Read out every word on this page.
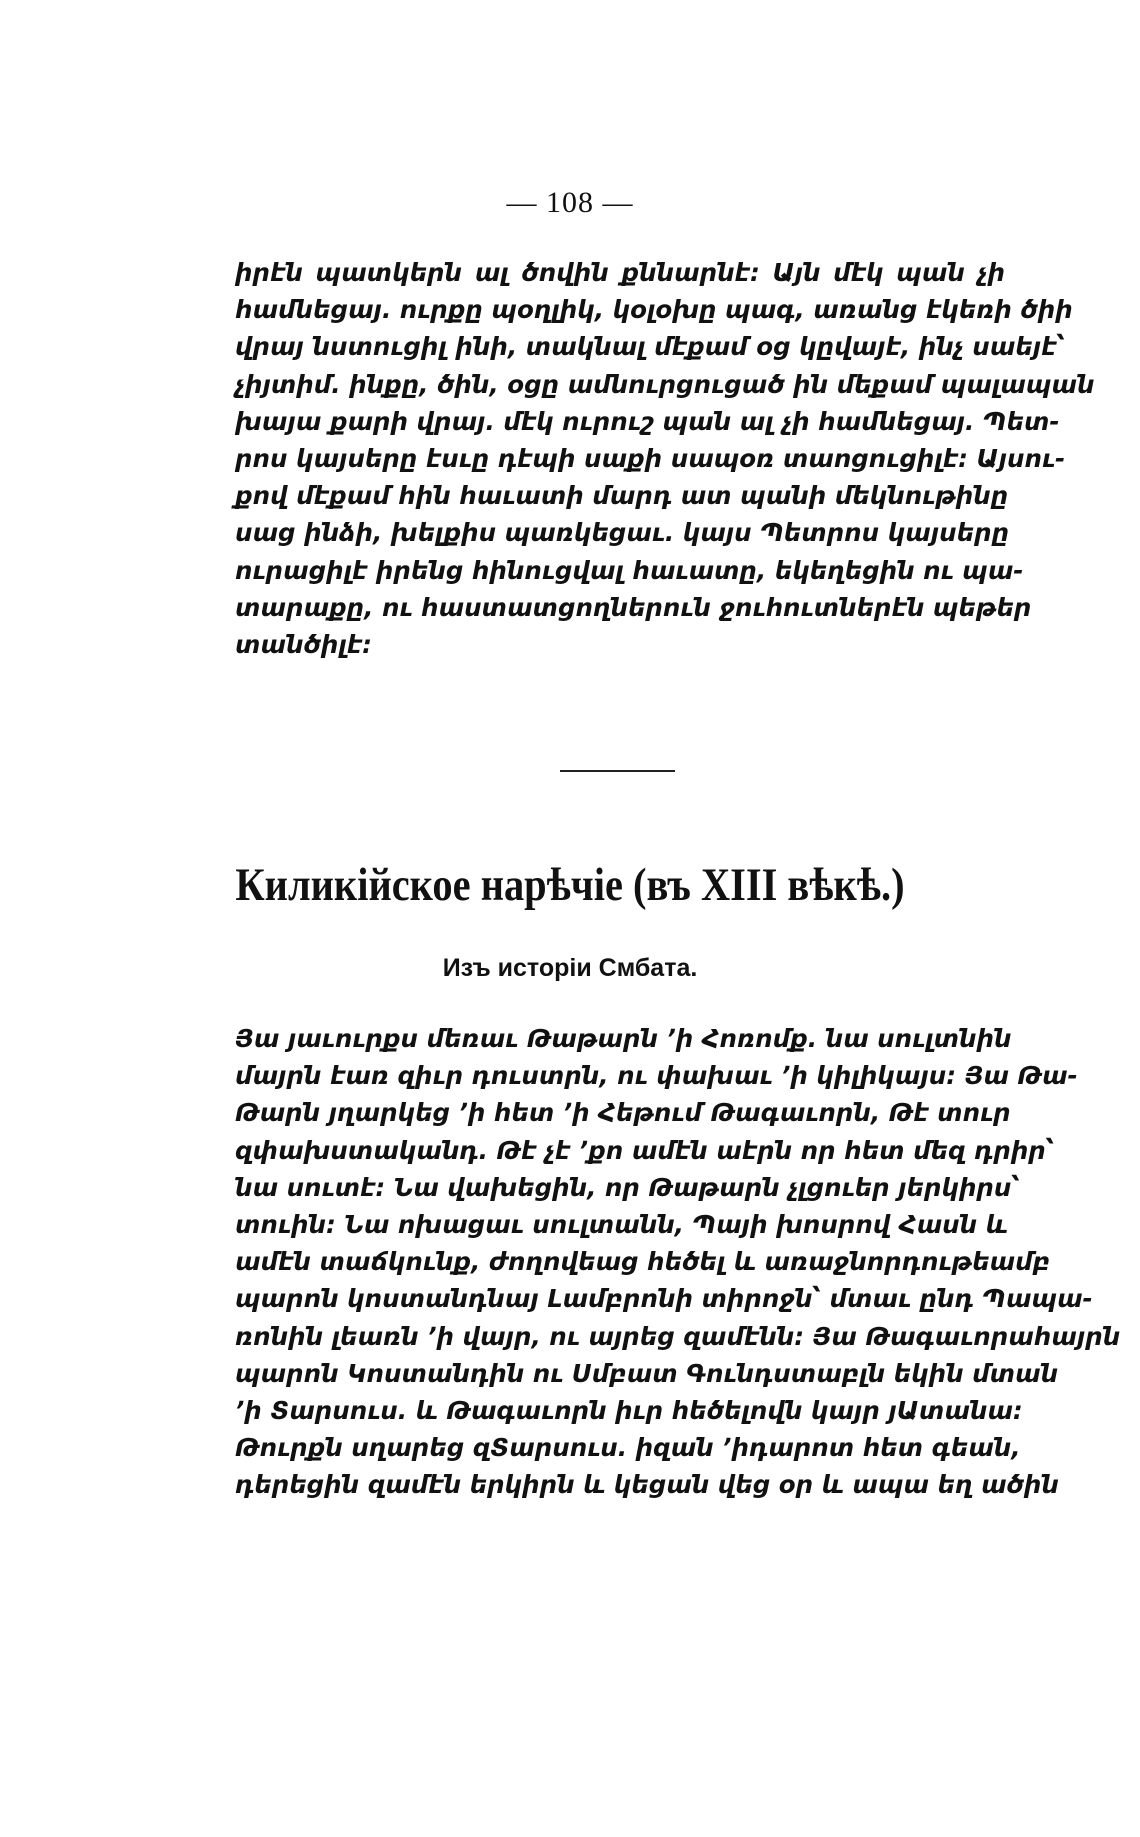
— 108 —
իրէն պատկերն ալ ծովին քննարնէ։ Այն մէկ պան չի
համնեցայ. ուրքը պօղլիկ, կօլօխը պագ, առանց էկեռի ծիի
վրայ նստուցիլ ինի, տակնալ մէքամ օց կըվայէ, ինչ սաեյէ՝
չիյտիմ. ինքը, ծին, օցը ամնուրցուցած ին մեքամ պալապան
խայա քարի վրայ. մէկ ուրուշ պան ալ չի համնեցայ. Պետ-
րոս կայսերը էսւը դէպի սաքի սապօռ տաոցուցիլէ։ Այսու-
քով մէքամ հին հաւատի մարդ ատ պանի մեկնութինը
սաց ինձի, խելքիս պառկեցաւ. կայս Պետրոս կայսերը
ուրացիլէ իրենց հինուցվալ հաւատը, եկեղեցին ու պա-
տարաքը, ու հաստատցողներուն ջուհուտներէն պեթեր
տանծիլէ։
Киликійское нарѣчіе (въ XIII вѣкѣ.)
Изъ исторіи Смбата.
Յա յաւուրքս մեռաւ Թաթարն ՚ի Հոռոմք. նա սուլտնին
մայրն էառ զիւր դուստրն, ու փախաւ ՚ի կիլիկայս։ Յա Թա-
Թարն յղարկեց ՚ի հետ ՚ի Հեթում Թագաւորն, Թէ տուր
զփախստականդ. Թէ չէ ՚քո ամէն աէրն որ հետ մեզ դրիր՝
նա սուտէ։ Նա վախեցին, որ Թաթարն չլցուեր յերկիրս՝
տուին։ Նա ոխացաւ սուլտանն, Պայի խոսրով Հասն և
ամէն տաճկունք, ժողովեաց հեծել և առաջնորդութեամբ
պարոն կոստանդնայ Լամբրոնի տիրոջն՝ մտաւ ընդ Պապա-
ռոնին լեառն ՚ի վայր, ու այրեց զամէնն։ Յա Թագաւորահայրն
պարոն Կոստանդին ու Սմբատ Գունդստաբլն եկին մտան
՚ի Տարսուս. և Թագաւորն իւր հեծելովն կայր յԱտանա։
Թուրքն սղարեց զՏարսուս. իզան ՚իդարոտ հետ գեան,
դերեցին զամէն երկիրն և կեցան վեց օր և ապա եղ ածին
